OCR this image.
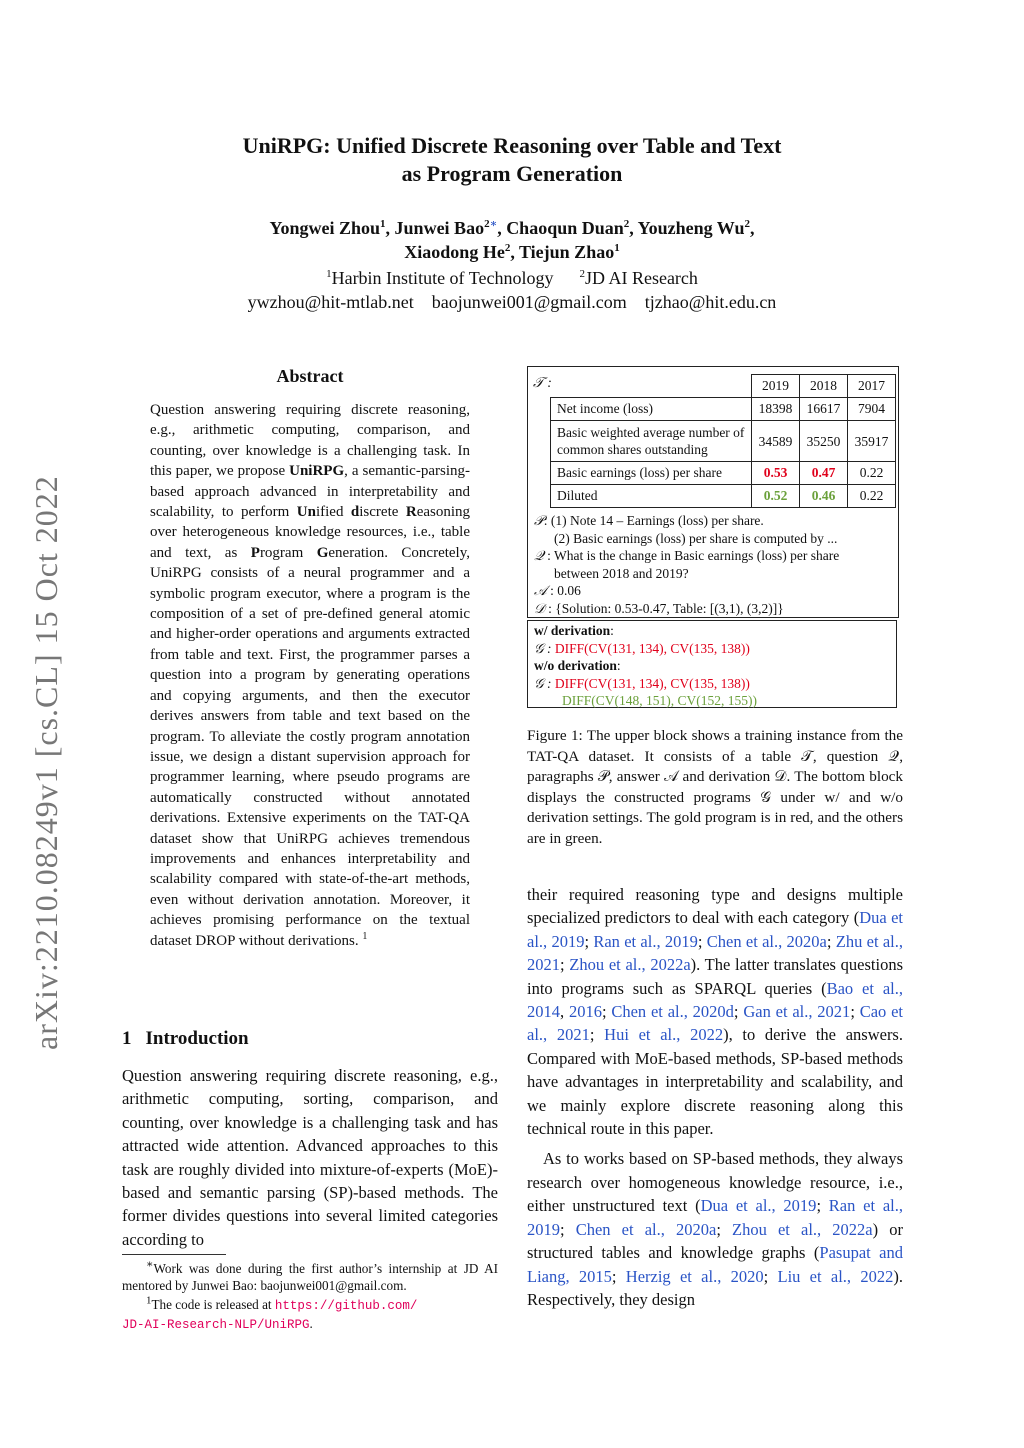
arXiv:2210.08249v1 [cs.CL] 15 Oct 2022
UniRPG: Unified Discrete Reasoning over Table and Text
as Program Generation
Yongwei Zhou$^1$, Junwei Bao$^{2∗}$, Chaoqun Duan$^2$, Youzheng Wu$^2$,
Xiaodong He$^2$, Tiejun Zhao$^1$
$^1$Harbin Institute of Technology $^2$JD AI Research
ywzhou@hit-mtlab.net baojunwei001@gmail.com tjzhao@hit.edu.cn
Abstract
Question answering requiring discrete reasoning, e.g., arithmetic computing, comparison, and counting, over knowledge is a challenging task. In this paper, we propose UniRPG, a semantic-parsing-based approach advanced in interpretability and scalability, to perform Unified discrete Reasoning over heterogeneous knowledge resources, i.e., table and text, as Program Generation. Concretely, UniRPG consists of a neural programmer and a symbolic program executor, where a program is the composition of a set of pre-defined general atomic and higher-order operations and arguments extracted from table and text. First, the programmer parses a question into a program by generating operations and copying arguments, and then the executor derives answers from table and text based on the program. To alleviate the costly program annotation issue, we design a distant supervision approach for programmer learning, where pseudo programs are automatically constructed without annotated derivations. Extensive experiments on the TAT-QA dataset show that UniRPG achieves tremendous improvements and enhances interpretability and scalability compared with state-of-the-art methods, even without derivation annotation. Moreover, it achieves promising performance on the textual dataset DROP without derivations. $^1$
1 Introduction
Question answering requiring discrete reasoning, e.g., arithmetic computing, sorting, comparison, and counting, over knowledge is a challenging task and has attracted wide attention. Advanced approaches to this task are roughly divided into mixture-of-experts (MoE)-based and semantic parsing (SP)-based methods. The former divides questions into several limited categories according to
∗Work was done during the first author’s internship at JD AI mentored by Junwei Bao: baojunwei001@gmail.com.
$^1$The code is released at https://github.com/
JD-AI-Research-NLP/UniRPG.
𝒯 :
		2019	2018	2017
Net income (loss)	18398	16617	7904
Basic weighted average number of common shares outstanding	34589	35250	35917
Basic earnings (loss) per share	0.53	0.47	0.22
Diluted	0.52	0.46	0.22
𝒫: (1) Note 14 – Earnings (loss) per share.
(2) Basic earnings (loss) per share is computed by ...
𝒬 : What is the change in Basic earnings (loss) per share
between 2018 and 2019?
𝒜 : 0.06
𝒟 : {Solution: 0.53-0.47, Table: [(3,1), (3,2)]}
w/ derivation:
𝒢 : DIFF(CV(131, 134), CV(135, 138))
w/o derivation:
𝒢 : DIFF(CV(131, 134), CV(135, 138))
DIFF(CV(148, 151), CV(152, 155))
Figure 1: The upper block shows a training instance from the TAT-QA dataset. It consists of a table 𝒯, question 𝒬, paragraphs 𝒫, answer 𝒜 and derivation 𝒟. The bottom block displays the constructed programs 𝒢 under w/ and w/o derivation settings. The gold program is in red, and the others are in green.

their required reasoning type and designs multiple specialized predictors to deal with each category (Dua et al., 2019; Ran et al., 2019; Chen et al., 2020a; Zhu et al., 2021; Zhou et al., 2022a). The latter translates questions into programs such as SPARQL queries (Bao et al., 2014, 2016; Chen et al., 2020d; Gan et al., 2021; Cao et al., 2021; Hui et al., 2022), to derive the answers. Compared with MoE-based methods, SP-based methods have advantages in interpretability and scalability, and we mainly explore discrete reasoning along this technical route in this paper.

As to works based on SP-based methods, they always research over homogeneous knowledge resource, i.e., either unstructured text (Dua et al., 2019; Ran et al., 2019; Chen et al., 2020a; Zhou et al., 2022a) or structured tables and knowledge graphs (Pasupat and Liang, 2015; Herzig et al., 2020; Liu et al., 2022). Respectively, they design
